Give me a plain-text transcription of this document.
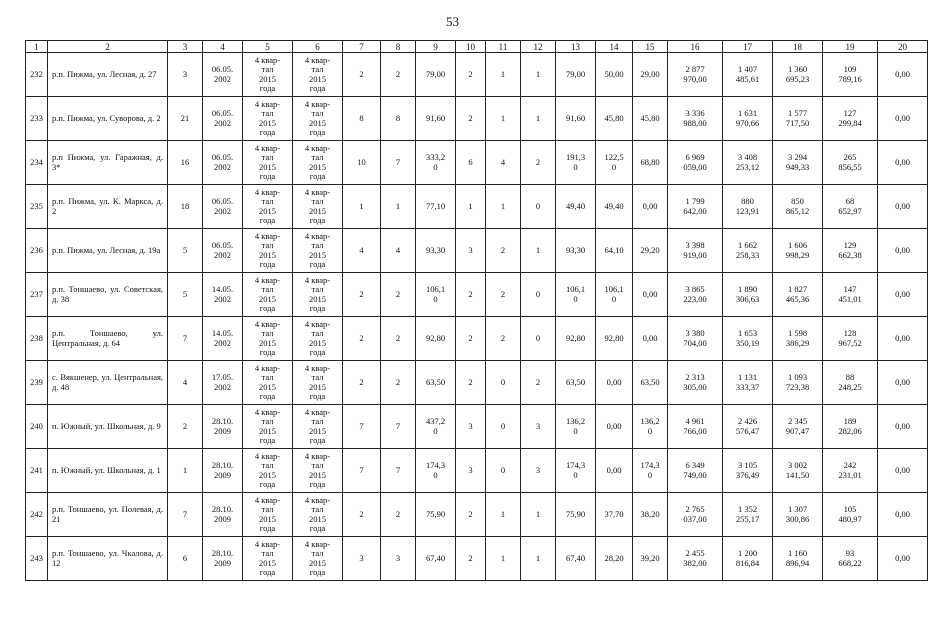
53
1	2	3	4	5	6	7	8	9	10	11	12	13	14	15	16	17	18	19	20
232	р.п. Пижма, ул. Лесная, д. 27	3	06.05.
2002	4 квар-
тал
2015
года	4 квар-
тал
2015
года	2	2	79,00	2	1	1	79,00	50,00	29,00	2 877
970,00	1 407
485,61	1 360
695,23	109
789,16	0,00
233	р.п. Пижма, ул. Суворова, д. 2	21	06.05.
2002	4 квар-
тал
2015
года	4 квар-
тал
2015
года	8	8	91,60	2	1	1	91,60	45,80	45,80	3 336
988,00	1 631
970,66	1 577
717,50	127
299,84	0,00
234	р.п Пижма, ул. Гаражная, д. 3*	16	06.05.
2002	4 квар-
тал
2015
года	4 квар-
тал
2015
года	10	7	333,2
0	6	4	2	191,3
0	122,5
0	68,80	6 969
059,00	3 408
253,12	3 294
949,33	265
856,55	0,00
235	р.п. Пижма, ул. К. Маркса, д. 2	18	06.05.
2002	4 квар-
тал
2015
года	4 квар-
тал
2015
года	1	1	77,10	1	1	0	49,40	49,40	0,00	1 799
642,00	880
123,91	850
865,12	68
652,97	0,00
236	р.п. Пижма, ул. Лесная, д. 19а	5	06.05.
2002	4 квар-
тал
2015
года	4 квар-
тал
2015
года	4	4	93,30	3	2	1	93,30	64,10	29,20	3 398
919,00	1 662
258,33	1 606
998,29	129
662,38	0,00
237	р.п. Тоншаево, ул. Советская, д. 38	5	14.05.
2002	4 квар-
тал
2015
года	4 квар-
тал
2015
года	2	2	106,1
0	2	2	0	106,1
0	106,1
0	0,00	3 865
223,00	1 890
306,63	1 827
465,36	147
451,01	0,00
238	р.п. Тоншаево, ул. Центральная, д. 64	7	14.05.
2002	4 квар-
тал
2015
года	4 квар-
тал
2015
года	2	2	92,80	2	2	0	92,80	92,80	0,00	3 380
704,00	1 653
350,19	1 598
386,29	128
967,52	0,00
239	с. Вякшенер, ул. Центральная, д. 48	4	17.05.
2002	4 квар-
тал
2015
года	4 квар-
тал
2015
года	2	2	63,50	2	0	2	63,50	0,00	63,50	2 313
305,00	1 131
333,37	1 093
723,38	88
248,25	0,00
240	п. Южный, ул. Школьная, д. 9	2	28.10.
2009	4 квар-
тал
2015
года	4 квар-
тал
2015
года	7	7	437,2
0	3	0	3	136,2
0	0,00	136,2
0	4 961
766,00	2 426
576,47	2 345
907,47	189
282,06	0,00
241	п. Южный, ул. Школьная, д. 1	1	28.10.
2009	4 квар-
тал
2015
года	4 квар-
тал
2015
года	7	7	174,3
0	3	0	3	174,3
0	0,00	174,3
0	6 349
749,00	3 105
376,49	3 002
141,50	242
231,01	0,00
242	р.п. Тоншаево, ул. Полевая, д. 21	7	28.10.
2009	4 квар-
тал
2015
года	4 квар-
тал
2015
года	2	2	75,90	2	1	1	75,90	37,70	38,20	2 765
037,00	1 352
255,17	1 307
300,86	105
480,97	0,00
243	р.п. Тоншаево, ул. Чкалова, д. 12	6	28.10.
2009	4 квар-
тал
2015
года	4 квар-
тал
2015
года	3	3	67,40	2	1	1	67,40	28,20	39,20	2 455
382,00	1 200
816,84	1 160
896,94	93
668,22	0,00
